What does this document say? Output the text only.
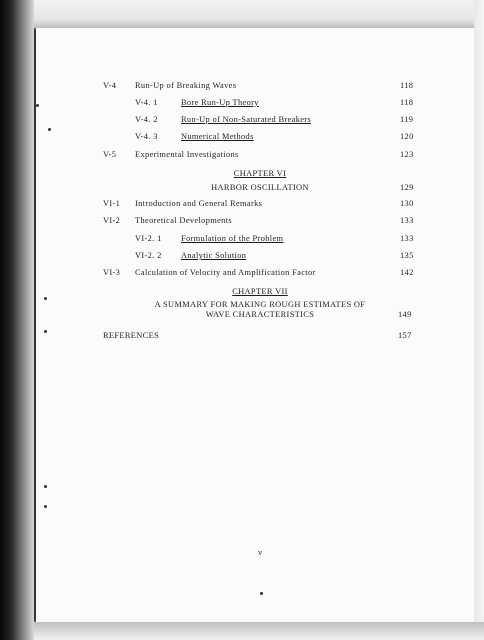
V-4 Run-Up of Breaking Waves	118
V-4. 1	Bore Run-Up Theory	118
V-4. 2	Run-Up of Non-Saturated Breakers	119
V-4. 3	Numerical Methods	120
V-5 Experimental Investigations	123
CHAPTER VI
HARBOR OSCILLATION	129
VI-1 Introduction and General Remarks	130
VI-2 Theoretical Developments	133
VI-2. 1 Formulation of the Problem	133
VI-2. 2 Analytic Solution	135
VI-3 Calculation of Velocity and Amplification Factor	142
CHAPTER VII
A SUMMARY FOR MAKING ROUGH ESTIMATES OF
WAVE CHARACTERISTICS	149
REFERENCES	157
v
